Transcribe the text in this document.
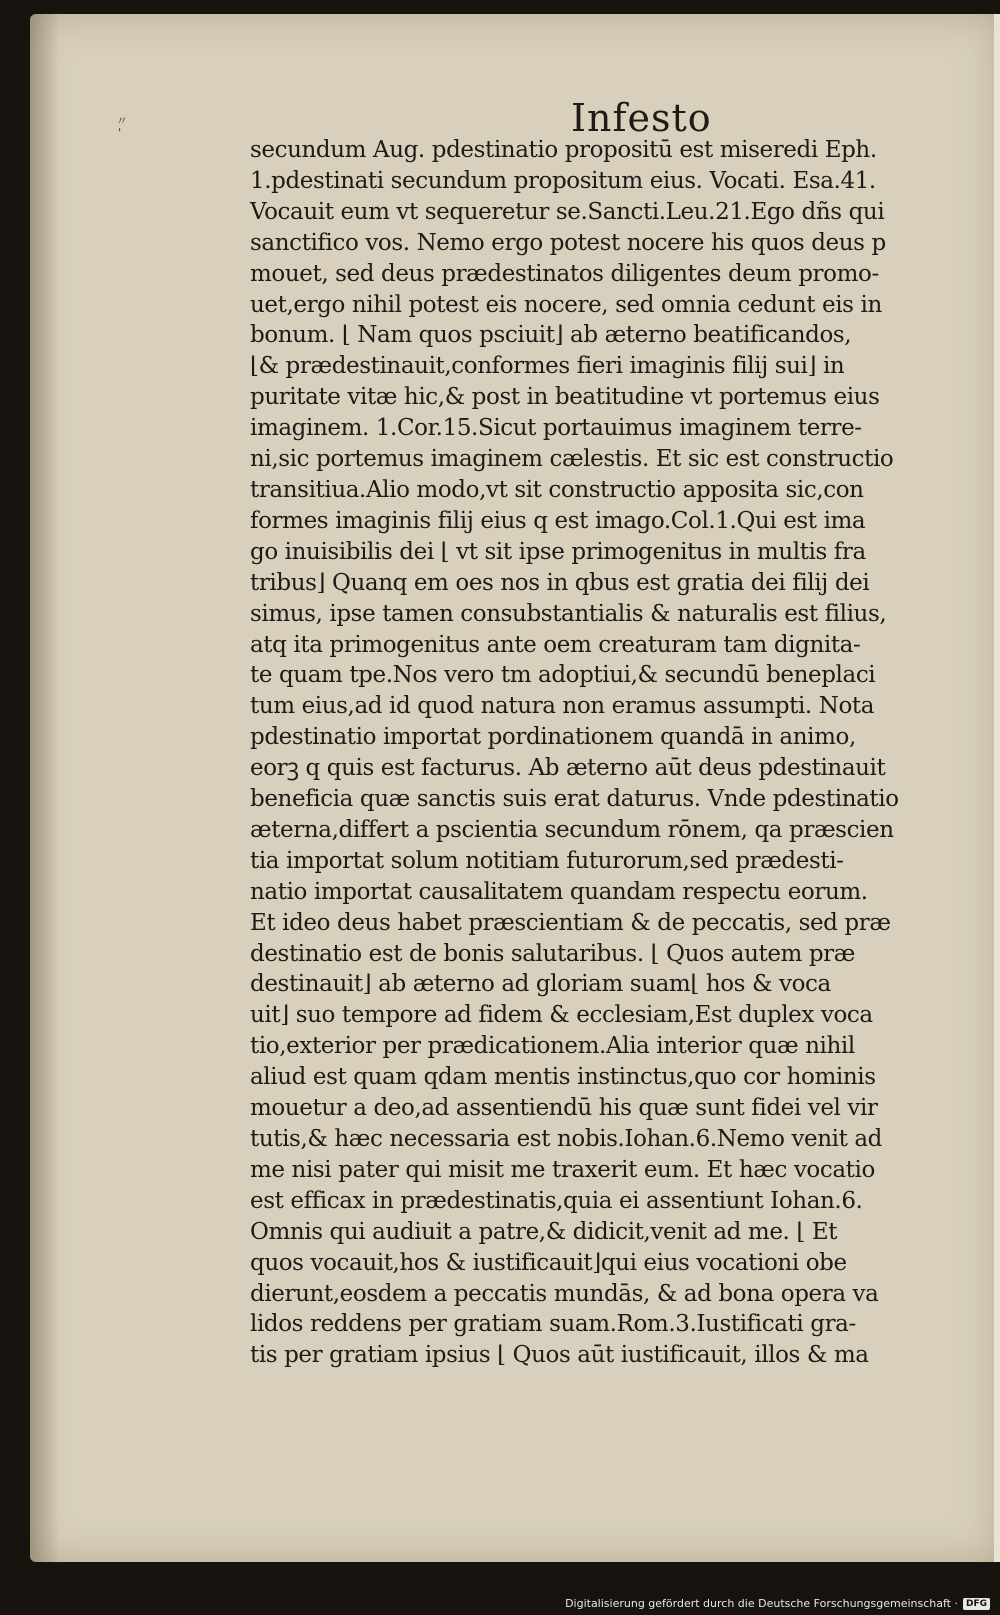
Infesto
〃
'
secundum Aug. pdestinatio propositū est miseredi Eph.
1.pdestinati secundum propositum eius. Vocati. Esa.41.
Vocauit eum vt sequeretur se.Sancti.Leu.21.Ego dñs qui
sanctifico vos. Nemo ergo potest nocere his quos deus p
mouet, sed deus prædestinatos diligentes deum promo-
uet,ergo nihil potest eis nocere, sed omnia cedunt eis in
bonum. ⌊ Nam quos psciuit⌋ ab æterno beatificandos,
⌊& prædestinauit,conformes fieri imaginis filij sui⌋ in
puritate vitæ hic,& post in beatitudine vt portemus eius
imaginem. 1.Cor.15.Sicut portauimus imaginem terre-
ni,sic portemus imaginem cælestis. Et sic est constructio
transitiua.Alio modo,vt sit constructio apposita sic,con
formes imaginis filij eius q est imago.Col.1.Qui est ima
go inuisibilis dei ⌊ vt sit ipse primogenitus in multis fra
tribus⌋ Quanq em oes nos in qbus est gratia dei filij dei
simus, ipse tamen consubstantialis & naturalis est filius,
atq ita primogenitus ante oem creaturam tam dignita-
te quam tpe.Nos vero tm adoptiui,& secundū beneplaci
tum eius,ad id quod natura non eramus assumpti. Nota
pdestinatio importat pordinationem quandā in animo,
eorꝫ q quis est facturus. Ab æterno aūt deus pdestinauit
beneficia quæ sanctis suis erat daturus. Vnde pdestinatio
æterna,differt a pscientia secundum rōnem, qa præscien
tia importat solum notitiam futurorum,sed prædesti-
natio importat causalitatem quandam respectu eorum.
Et ideo deus habet præscientiam & de peccatis, sed præ
destinatio est de bonis salutaribus. ⌊ Quos autem præ
destinauit⌋ ab æterno ad gloriam suam⌊ hos & voca
uit⌋ suo tempore ad fidem & ecclesiam,Est duplex voca
tio,exterior per prædicationem.Alia interior quæ nihil
aliud est quam qdam mentis instinctus,quo cor hominis
mouetur a deo,ad assentiendū his quæ sunt fidei vel vir
tutis,& hæc necessaria est nobis.Iohan.6.Nemo venit ad
me nisi pater qui misit me traxerit eum. Et hæc vocatio
est efficax in prædestinatis,quia ei assentiunt Iohan.6.
Omnis qui audiuit a patre,& didicit,venit ad me. ⌊ Et
quos vocauit,hos & iustificauit⌋qui eius vocationi obe
dierunt,eosdem a peccatis mundās, & ad bona opera va
lidos reddens per gratiam suam.Rom.3.Iustificati gra-
tis per gratiam ipsius ⌊ Quos aūt iustificauit, illos & ma
Digitalisierung gefördert durch die Deutsche Forschungsgemeinschaft · DFG
